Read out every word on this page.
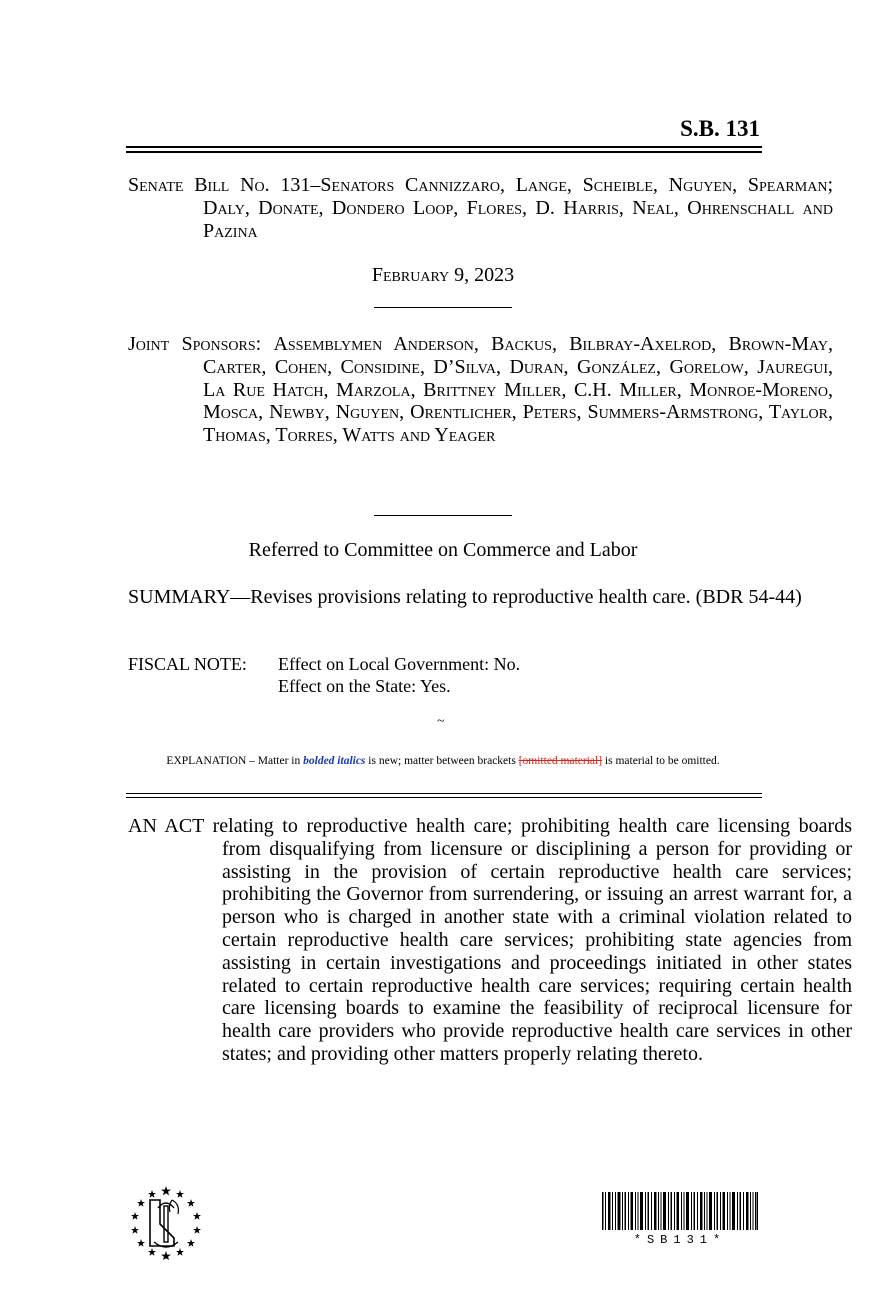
S.B. 131
Senate Bill No. 131–Senators Cannizzaro, Lange, Scheible, Nguyen, Spearman; Daly, Donate, Dondero Loop, Flores, D. Harris, Neal, Ohrenschall and Pazina
February 9, 2023
Joint Sponsors: Assemblymen Anderson, Backus, Bilbray-Axelrod, Brown-May, Carter, Cohen, Considine, D’Silva, Duran, González, Gorelow, Jauregui, La Rue Hatch, Marzola, Brittney Miller, C.H. Miller, Monroe-Moreno, Mosca, Newby, Nguyen, Orentlicher, Peters, Summers-Armstrong, Taylor, Thomas, Torres, Watts and Yeager
Referred to Committee on Commerce and Labor
SUMMARY—Revises provisions relating to reproductive health care. (BDR 54-44)
FISCAL NOTE: Effect on Local Government: No.
Effect on the State: Yes.
~
EXPLANATION – Matter in bolded italics is new; matter between brackets [omitted material] is material to be omitted.
AN ACT relating to reproductive health care; prohibiting health care licensing boards from disqualifying from licensure or disciplining a person for providing or assisting in the provision of certain reproductive health care services; prohibiting the Governor from surrendering, or issuing an arrest warrant for, a person who is charged in another state with a criminal violation related to certain reproductive health care services; prohibiting state agencies from assisting in certain investigations and proceedings initiated in other states related to certain reproductive health care services; requiring certain health care licensing boards to examine the feasibility of reciprocal licensure for health care providers who provide reproductive health care services in other states; and providing other matters properly relating thereto.
*SB131*
